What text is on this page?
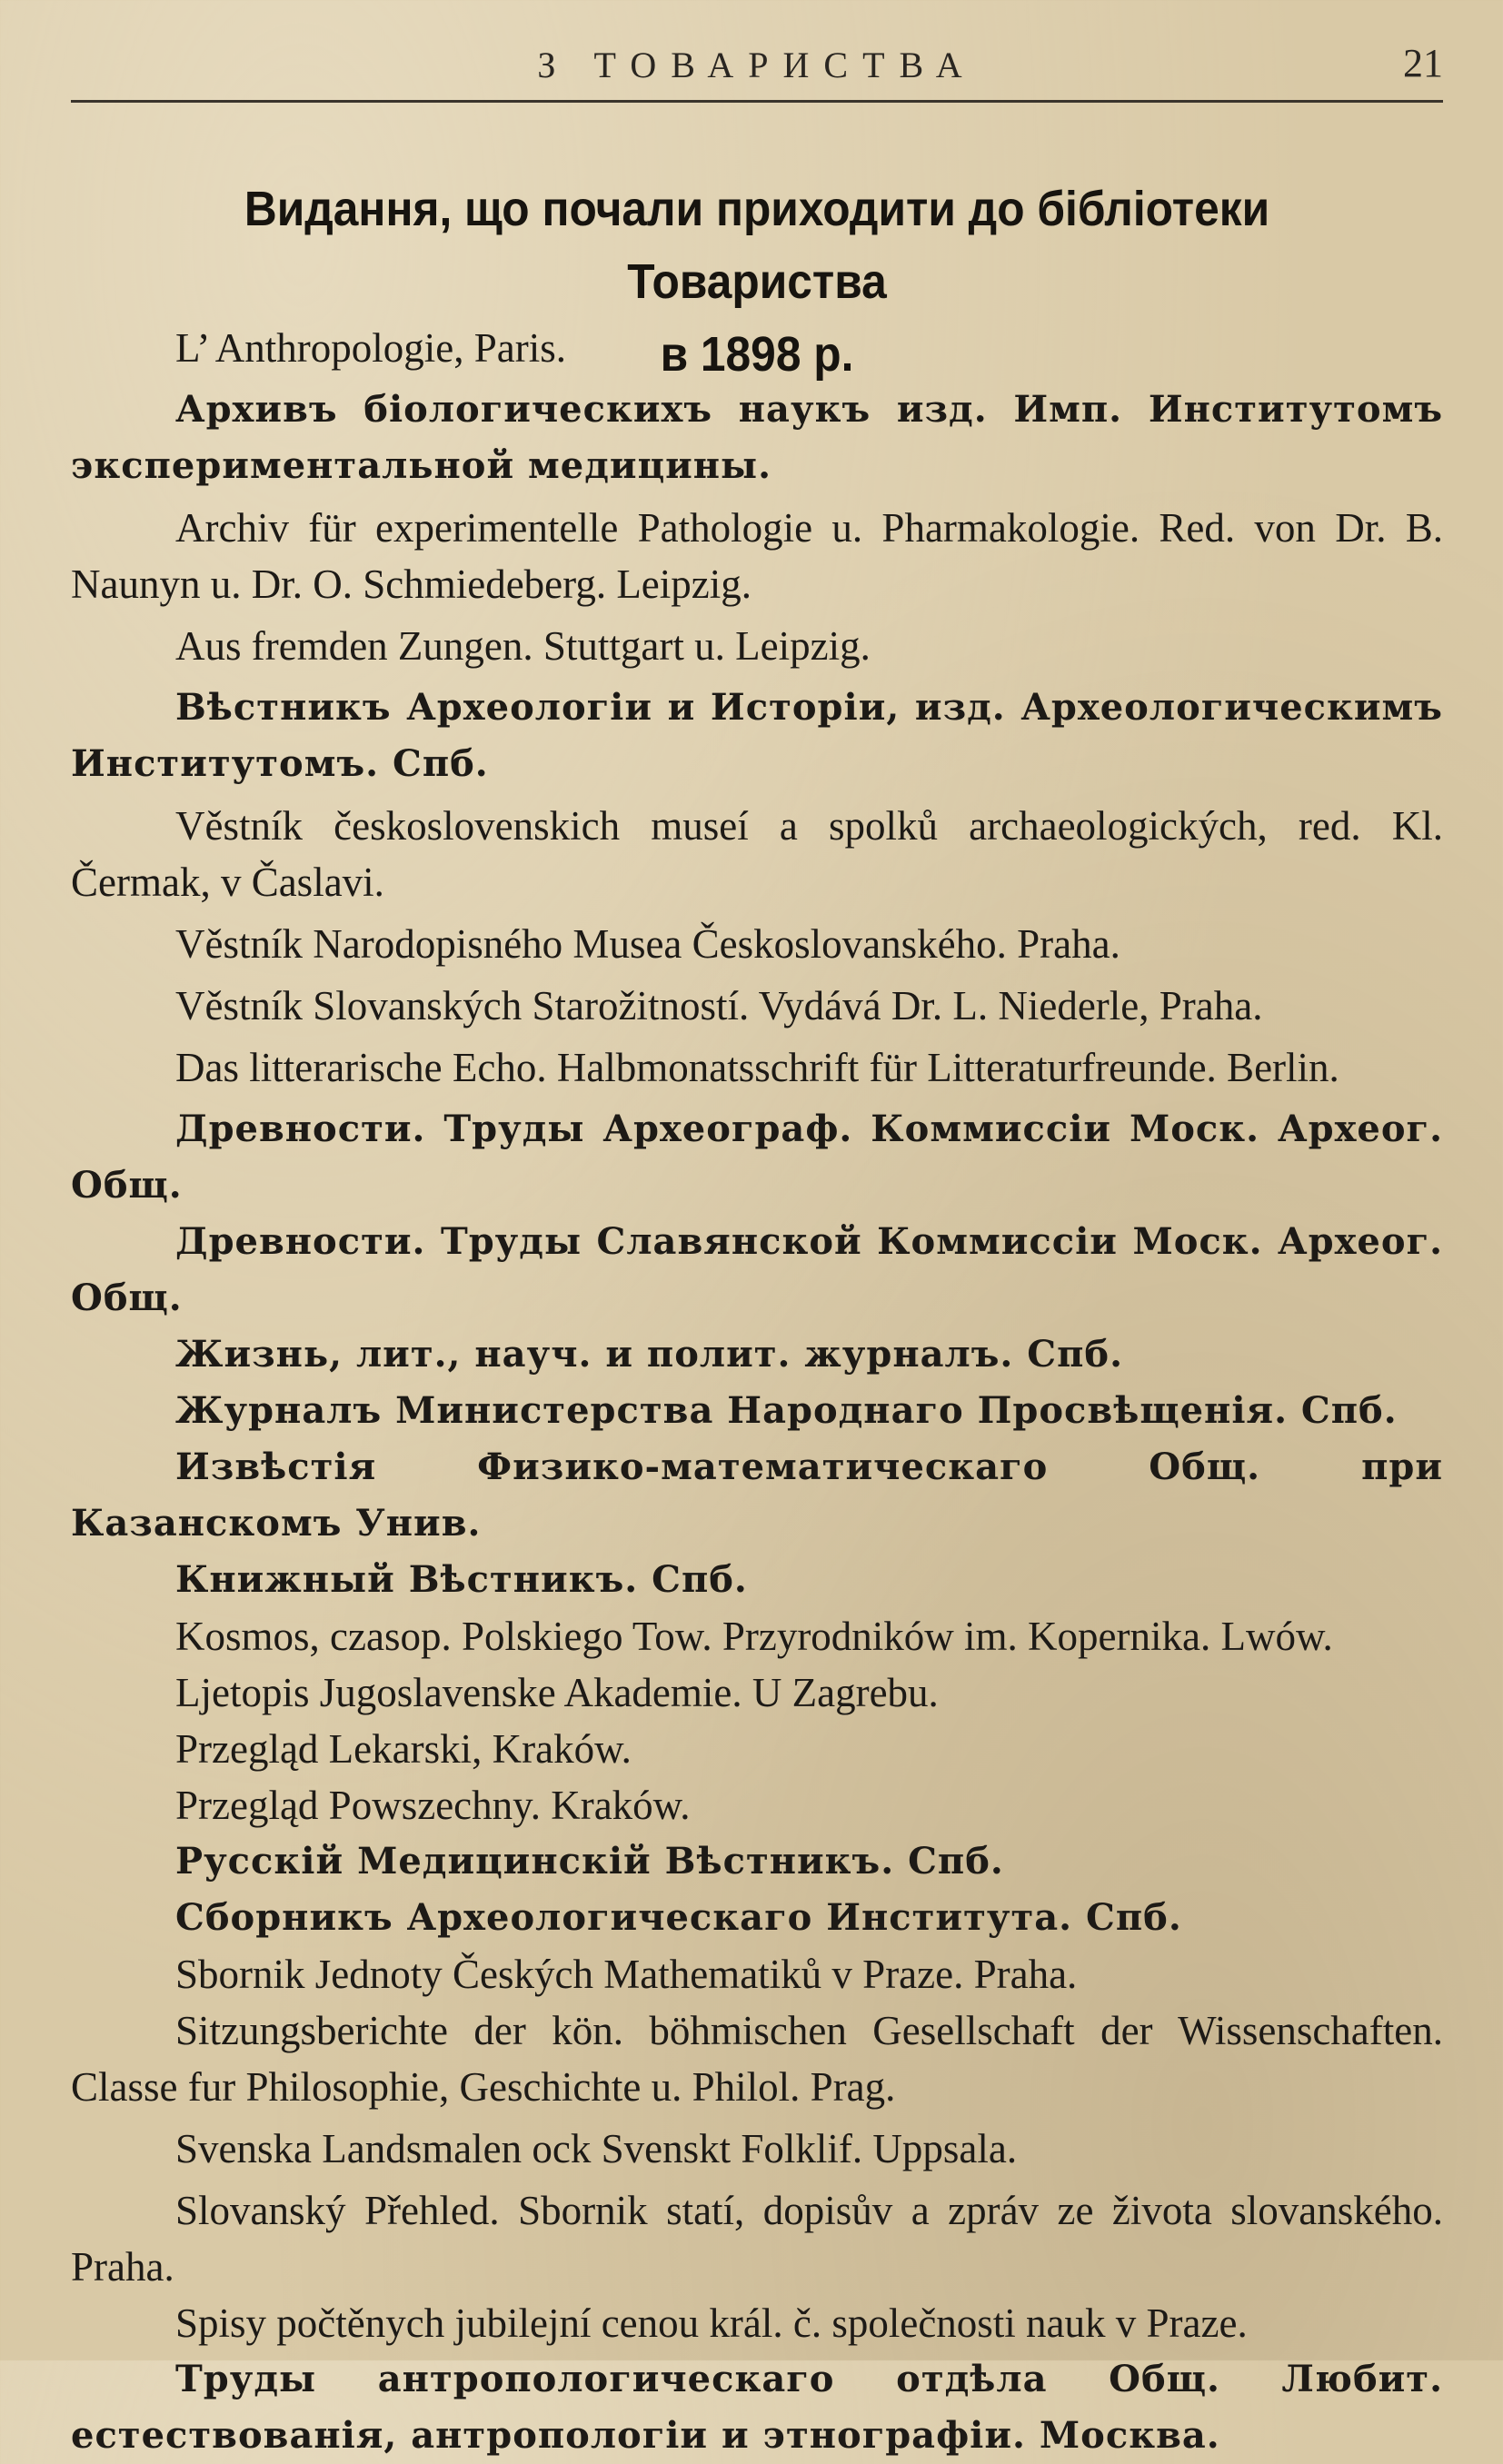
З ТОВАРИСТВА	21
Видання, що почали приходити до бібліотеки Товариства
в 1898 р.

L’ Anthropologie, Paris.

Архивъ біологическихъ наукъ изд. Имп. Институтомъ экспериментальной медицины.

Archiv für experimentelle Pathologie u. Pharmakologie. Red. von Dr. B. Naunyn u. Dr. O. Schmiedeberg. Leipzig.

Aus fremden Zungen. Stuttgart u. Leipzig.

Вѣстникъ Археологіи и Исторіи, изд. Археологическимъ Институтомъ. Спб.

Věstník československich museí a spolků archaeologických, red. Kl. Čermak, v Časlavi.

Věstník Narodopisného Musea Českoslovanského. Praha.

Věstník Slovanských Starožitností. Vydává Dr. L. Niederle, Praha.

Das litterarische Echo. Halbmonatsschrift für Litteraturfreunde. Berlin.

Древности. Труды Археограф. Коммиссіи Моск. Археог. Общ.

Древности. Труды Славянской Коммиссіи Моск. Археог. Общ.

Жизнь, лит., науч. и полит. журналъ. Спб.

Журналъ Министерства Народнаго Просвѣщенія. Спб.

Извѣстія Физико-математическаго Общ. при Казанскомъ Унив.

Книжный Вѣстникъ. Спб.

Kosmos, czasop. Polskiego Tow. Przyrodników im. Kopernika. Lwów.

Ljetopis Jugoslavenske Akademie. U Zagrebu.

Przegląd Lekarski, Kraków.

Przegląd Powszechny. Kraków.

Русскій Медицинскій Вѣстникъ. Спб.

Сборникъ Археологическаго Института. Спб.

Sbornik Jednoty Českých Mathematiků v Praze. Praha.

Sitzungsberichte der kön. böhmischen Gesellschaft der Wissenschaften. Classe fur Philosophie, Geschichte u. Philol. Prag.

Svenska Landsmalen ock Svenskt Folklif. Uppsala.

Slovanský Přehled. Sbornik statí, dopisův a zpráv ze života slovanského. Praha.

Spisy počtěnych jubilejní cenou král. č. společnosti nauk v Praze.

Труды антропологическаго отдѣла Общ. Любит. естествованія, антропологіи и этнографіи. Москва.
